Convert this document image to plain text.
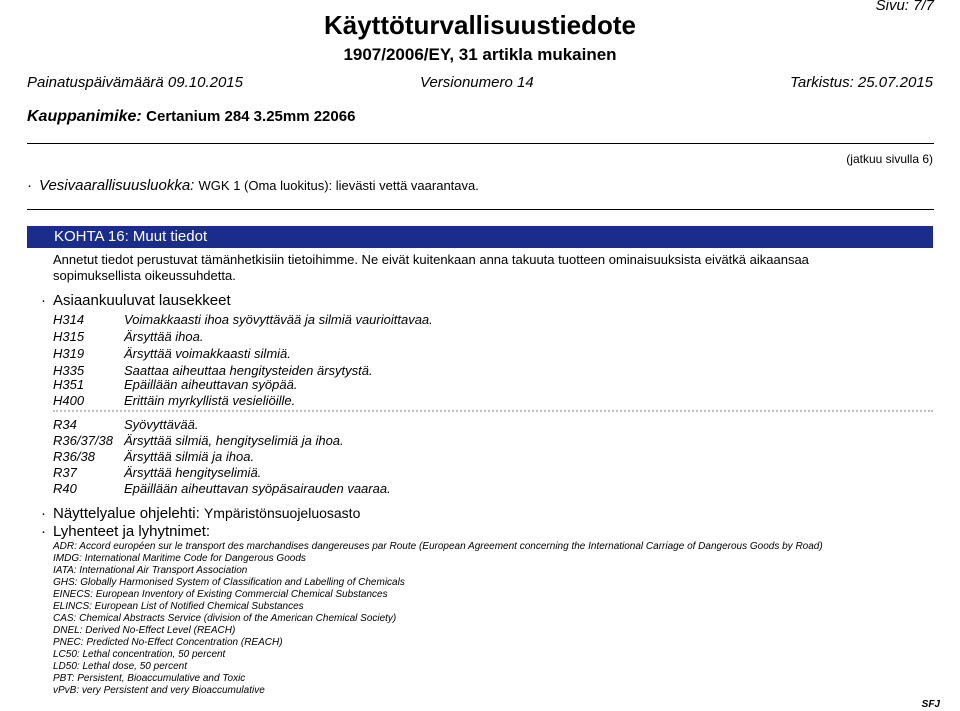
Sivu: 7/7
Käyttöturvallisuustiedote
1907/2006/EY, 31 artikla mukainen
Painatuspäivämäärä 09.10.2015	Versionumero 14	Tarkistus: 25.07.2015
Kauppanimike: Certanium 284 3.25mm 22066
(jatkuu sivulla 6)
· Vesivaarallisuusluokka: WGK 1 (Oma luokitus): lievästi vettä vaarantava.
KOHTA 16: Muut tiedot
Annetut tiedot perustuvat tämänhetkisiin tietoihimme. Ne eivät kuitenkaan anna takuuta tuotteen ominaisuuksista eivätkä aikaansaa
sopimuksellista oikeussuhdetta.
· Asiaankuuluvat lausekkeet
H314	Voimakkaasti ihoa syövyttävää ja silmiä vaurioittavaa.
H315	Ärsyttää ihoa.
H319	Ärsyttää voimakkaasti silmiä.
H335	Saattaa aiheuttaa hengitysteiden ärsytystä.
H351	Epäillään aiheuttavan syöpää.
H400	Erittäin myrkyllistä vesieliöille.
R34	Syövyttävää.
R36/37/38 Ärsyttää silmiä, hengityselimiä ja ihoa.
R36/38 Ärsyttää silmiä ja ihoa.
R37	Ärsyttää hengityselimiä.
R40	Epäillään aiheuttavan syöpäsairauden vaaraa.
· Näyttelyalue ohjelehti: Ympäristönsuojeluosasto
· Lyhenteet ja lyhytnimet:
ADR: Accord européen sur le transport des marchandises dangereuses par Route (European Agreement concerning the International Carriage of Dangerous Goods by Road)
IMDG: International Maritime Code for Dangerous Goods
IATA: International Air Transport Association
GHS: Globally Harmonised System of Classification and Labelling of Chemicals
EINECS: European Inventory of Existing Commercial Chemical Substances
ELINCS: European List of Notified Chemical Substances
CAS: Chemical Abstracts Service (division of the American Chemical Society)
DNEL: Derived No-Effect Level (REACH)
PNEC: Predicted No-Effect Concentration (REACH)
LC50: Lethal concentration, 50 percent
LD50: Lethal dose, 50 percent
PBT: Persistent, Bioaccumulative and Toxic
vPvB: very Persistent and very Bioaccumulative
SFJ
